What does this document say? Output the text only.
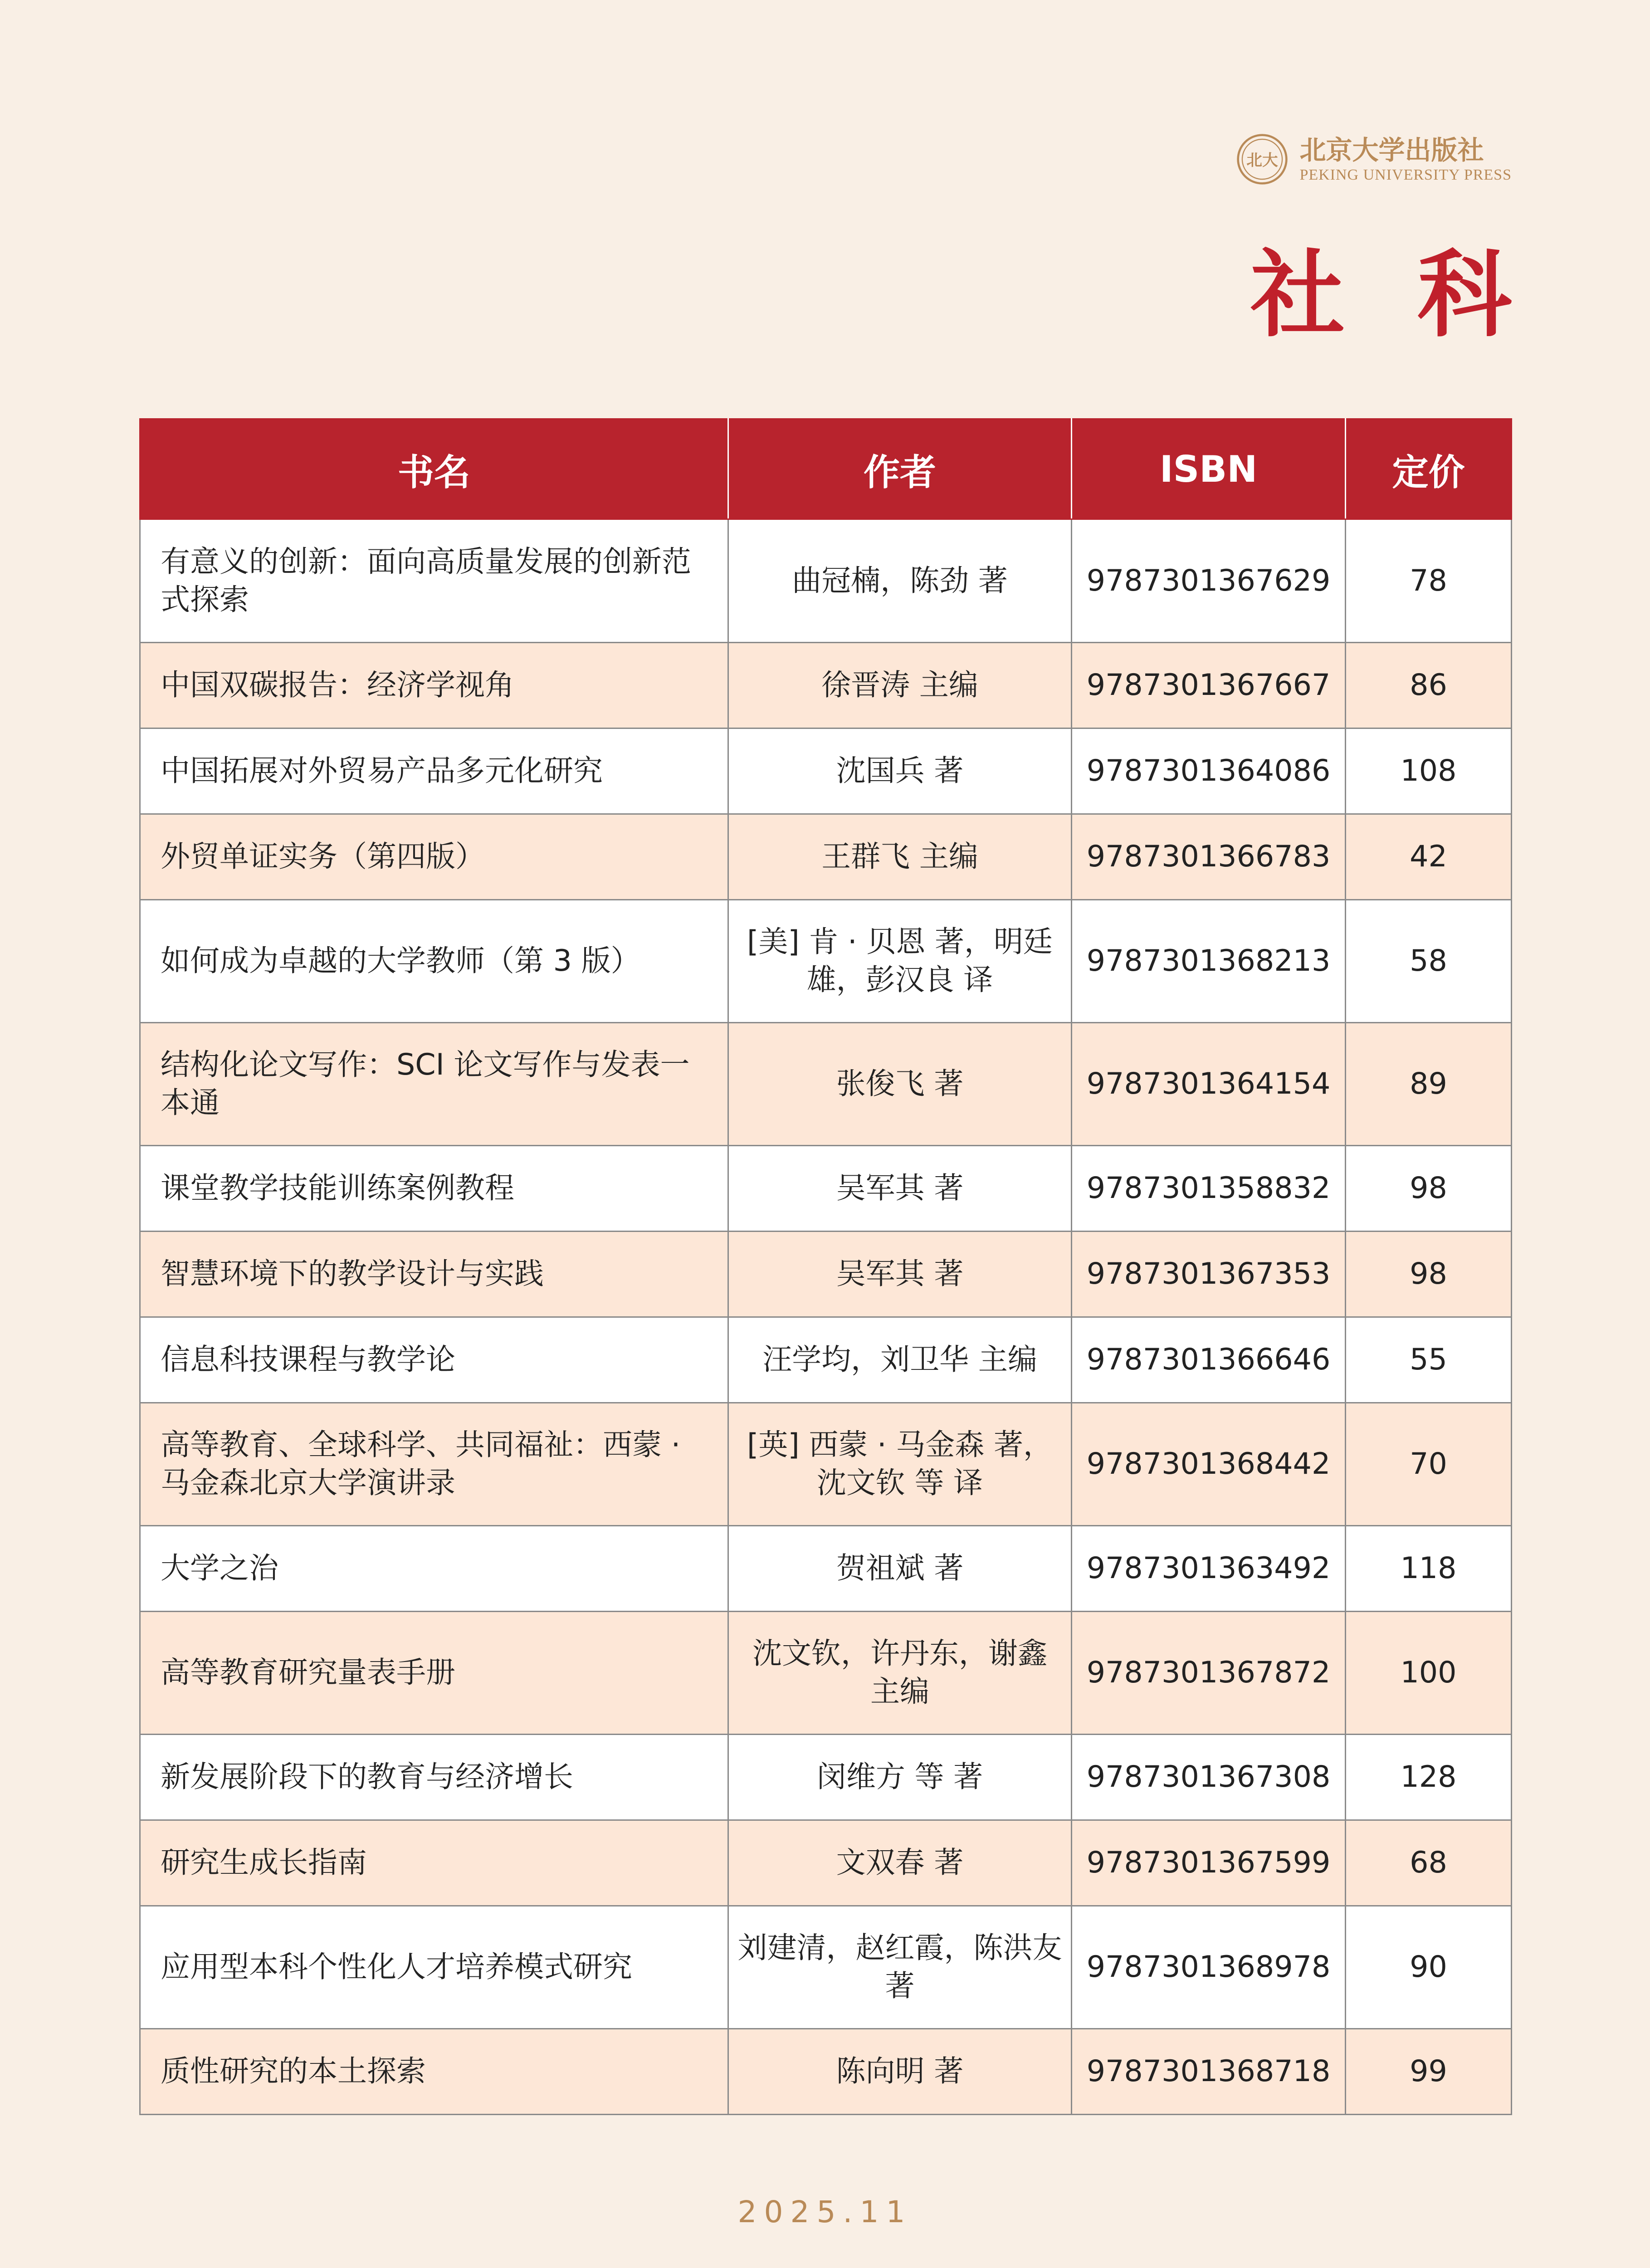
北大 北京大学出版社
PEKING UNIVERSITY PRESS
社科
书名	作者	ISBN	定价
有意义的创新：面向高质量发展的创新范式探索	曲冠楠，陈劲 著	9787301367629	78
中国双碳报告：经济学视角	徐晋涛 主编	9787301367667	86
中国拓展对外贸易产品多元化研究	沈国兵 著	9787301364086	108
外贸单证实务（第四版）	王群飞 主编	9787301366783	42
如何成为卓越的大学教师（第 3 版）	[美] 肯 · 贝恩 著，明廷雄，彭汉良 译	9787301368213	58
结构化论文写作：SCI 论文写作与发表一本通	张俊飞 著	9787301364154	89
课堂教学技能训练案例教程	吴军其 著	9787301358832	98
智慧环境下的教学设计与实践	吴军其 著	9787301367353	98
信息科技课程与教学论	汪学均，刘卫华 主编	9787301366646	55
高等教育、全球科学、共同福祉：西蒙 · 马金森北京大学演讲录	[英] 西蒙 · 马金森 著，沈文钦 等 译	9787301368442	70
大学之治	贺祖斌 著	9787301363492	118
高等教育研究量表手册	沈文钦，许丹东，谢鑫 主编	9787301367872	100
新发展阶段下的教育与经济增长	闵维方 等 著	9787301367308	128
研究生成长指南	文双春 著	9787301367599	68
应用型本科个性化人才培养模式研究	刘建清，赵红霞，陈洪友 著	9787301368978	90
质性研究的本土探索	陈向明 著	9787301368718	99
2025.11
